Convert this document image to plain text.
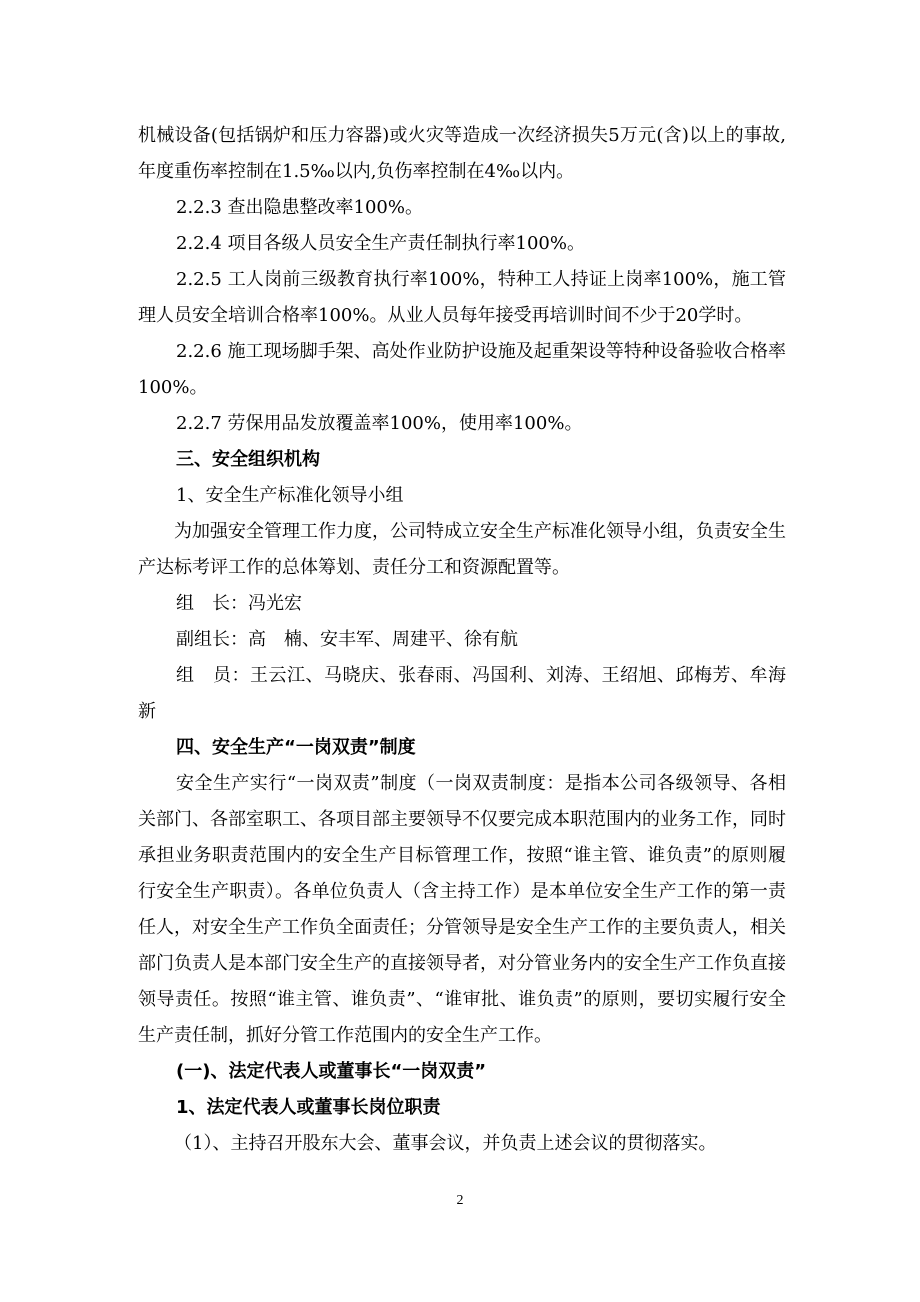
机械设备(包括锅炉和压力容器)或火灾等造成一次经济损失5万元(含)以上的事故,年度重伤率控制在1.5‰以内,负伤率控制在4‰以内。

2.2.3 查出隐患整改率100%。

2.2.4 项目各级人员安全生产责任制执行率100%。

2.2.5 工人岗前三级教育执行率100%，特种工人持证上岗率100%，施工管理人员安全培训合格率100%。从业人员每年接受再培训时间不少于20学时。

2.2.6 施工现场脚手架、高处作业防护设施及起重架设等特种设备验收合格率100%。

2.2.7 劳保用品发放覆盖率100%，使用率100%。

三、安全组织机构

1、安全生产标准化领导小组

为加强安全管理工作力度，公司特成立安全生产标准化领导小组，负责安全生产达标考评工作的总体筹划、责任分工和资源配置等。

组　长：冯光宏

副组长：高　楠、安丰军、周建平、徐有航

组　员：王云江、马晓庆、张春雨、冯国利、刘涛、王绍旭、邱梅芳、牟海新

四、安全生产“一岗双责”制度

安全生产实行“一岗双责”制度（一岗双责制度：是指本公司各级领导、各相关部门、各部室职工、各项目部主要领导不仅要完成本职范围内的业务工作，同时承担业务职责范围内的安全生产目标管理工作，按照“谁主管、谁负责”的原则履行安全生产职责）。各单位负责人（含主持工作）是本单位安全生产工作的第一责任人，对安全生产工作负全面责任；分管领导是安全生产工作的主要负责人，相关部门负责人是本部门安全生产的直接领导者，对分管业务内的安全生产工作负直接领导责任。按照“谁主管、谁负责”、“谁审批、谁负责”的原则，要切实履行安全生产责任制，抓好分管工作范围内的安全生产工作。

(一)、法定代表人或董事长“一岗双责”

1、法定代表人或董事长岗位职责

（1）、主持召开股东大会、董事会议，并负责上述会议的贯彻落实。

2
